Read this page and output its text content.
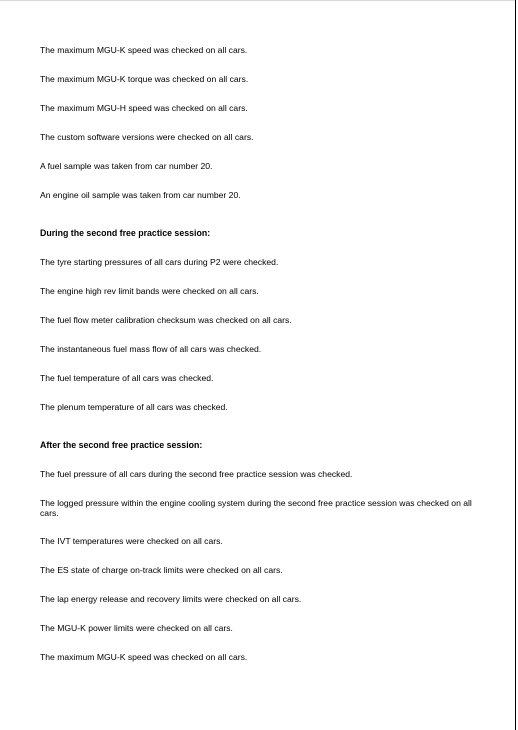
The maximum MGU-K speed was checked on all cars.

The maximum MGU-K torque was checked on all cars.

The maximum MGU-H speed was checked on all cars.

The custom software versions were checked on all cars.

A fuel sample was taken from car number 20.

An engine oil sample was taken from car number 20.

During the second free practice session:

The tyre starting pressures of all cars during P2 were checked.

The engine high rev limit bands were checked on all cars.

The fuel flow meter calibration checksum was checked on all cars.

The instantaneous fuel mass flow of all cars was checked.

The fuel temperature of all cars was checked.

The plenum temperature of all cars was checked.

After the second free practice session:

The fuel pressure of all cars during the second free practice session was checked.

The logged pressure within the engine cooling system during the second free practice session was checked on all cars.

The IVT temperatures were checked on all cars.

The ES state of charge on-track limits were checked on all cars.

The lap energy release and recovery limits were checked on all cars.

The MGU-K power limits were checked on all cars.

The maximum MGU-K speed was checked on all cars.
